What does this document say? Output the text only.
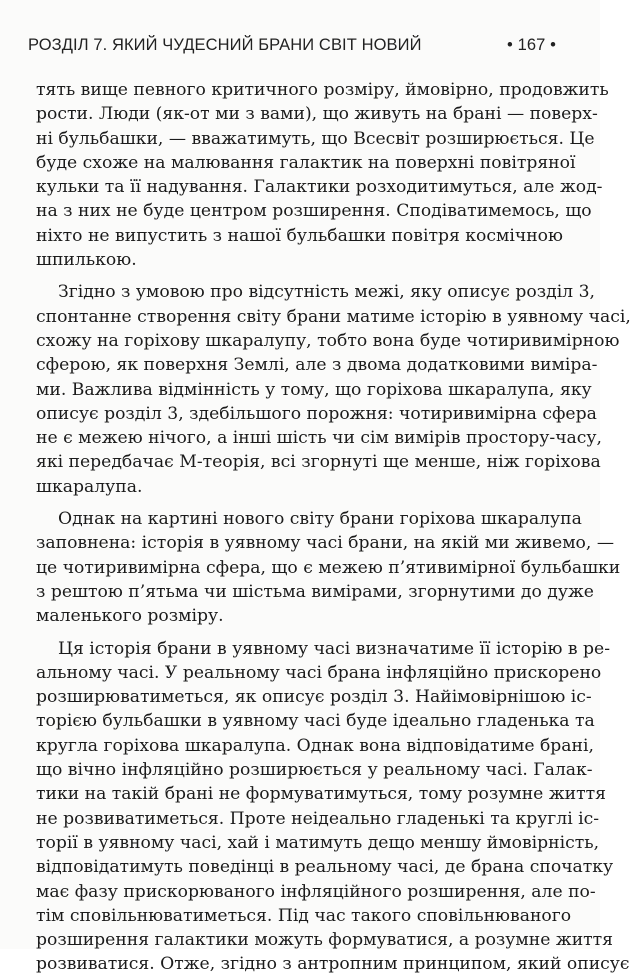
РОЗДІЛ 7. ЯКИЙ ЧУДЕСНИЙ БРАНИ СВІТ НОВИЙ	• 167 •
тять вище певного критичного розміру, ймовірно, продовжить
рости. Люди (як-от ми з вами), що живуть на брані — поверх-
ні бульбашки, — вважатимуть, що Всесвіт розширюється. Це
буде схоже на малювання галактик на поверхні повітряної
кульки та її надування. Галактики розходитимуться, але жод-
на з них не буде центром розширення. Сподіватимемось, що
ніхто не випустить з нашої бульбашки повітря космічною
шпилькою.
Згідно з умовою про відсутність межі, яку описує розділ 3,
спонтанне створення світу брани матиме історію в уявному часі,
схожу на горіхову шкаралупу, тобто вона буде чотиривимірною
сферою, як поверхня Землі, але з двома додатковими виміра-
ми. Важлива відмінність у тому, що горіхова шкаралупа, яку
описує розділ 3, здебільшого порожня: чотиривимірна сфера
не є межею нічого, а інші шість чи сім вимірів простору-часу,
які передбачає М-теорія, всі згорнуті ще менше, ніж горіхова
шкаралупа.
Однак на картині нового світу брани горіхова шкаралупа
заповнена: історія в уявному часі брани, на якій ми живемо, —
це чотиривимірна сфера, що є межею п’ятивимірної бульбашки
з рештою п’ятьма чи шістьма вимірами, згорнутими до дуже
маленького розміру.
Ця історія брани в уявному часі визначатиме її історію в ре-
альному часі. У реальному часі брана інфляційно прискорено
розширюватиметься, як описує розділ 3. Найімовірнішою іс-
торією бульбашки в уявному часі буде ідеально гладенька та
кругла горіхова шкаралупа. Однак вона відповідатиме брані,
що вічно інфляційно розширюється у реальному часі. Галак-
тики на такій брані не формуватимуться, тому розумне життя
не розвиватиметься. Проте неідеально гладенькі та круглі іс-
торії в уявному часі, хай і матимуть дещо меншу ймовірність,
відповідатимуть поведінці в реальному часі, де брана спочатку
має фазу прискорюваного інфляційного розширення, але по-
тім сповільнюватиметься. Під час такого сповільнюваного
розширення галактики можуть формуватися, а розумне життя
розвиватися. Отже, згідно з антропним принципом, який описує
